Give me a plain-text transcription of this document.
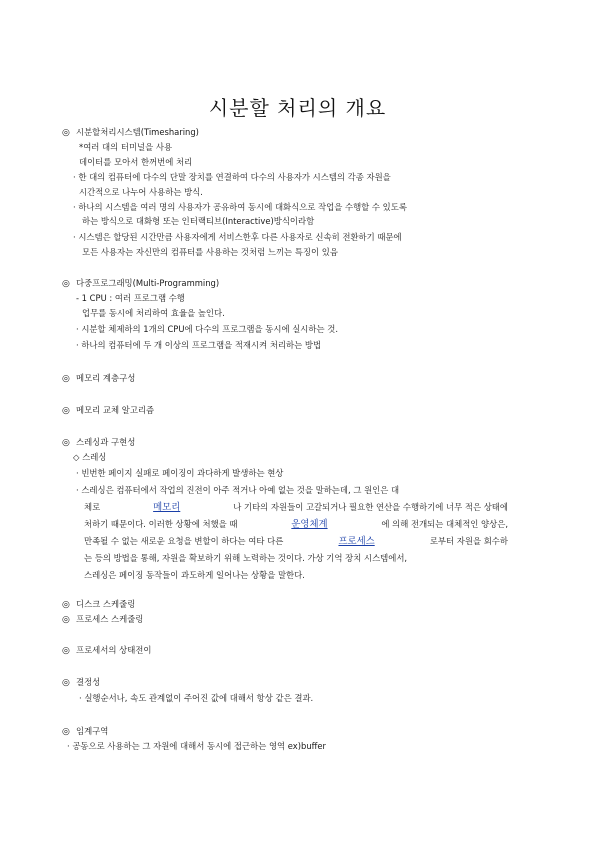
시분할 처리의 개요
◎ 시분할처리시스템(Timesharing)
*여러 대의 터미널을 사용
데이터를 모아서 한꺼번에 처리
· 한 대의 컴퓨터에 다수의 단말 장치를 연결하여 다수의 사용자가 시스템의 각종 자원을
시간적으로 나누어 사용하는 방식.
· 하나의 시스템을 여러 명의 사용자가 공유하여 동시에 대화식으로 작업을 수행할 수 있도록
하는 방식으로 대화형 또는 인터랙티브(Interactive)방식이라함
· 시스템은 할당된 시간만큼 사용자에게 서비스한후 다른 사용자로 신속히 전환하기 때문에
모든 사용자는 자신만의 컴퓨터를 사용하는 것처럼 느끼는 특징이 있음
◎ 다중프로그래밍(Multi-Programming)
- 1 CPU : 여러 프로그램 수행
업무를 동시에 처리하여 효율을 높인다.
· 시분할 체제하의 1개의 CPU에 다수의 프로그램을 동시에 실시하는 것.
· 하나의 컴퓨터에 두 개 이상의 프로그램을 적재시켜 처리하는 방법
◎ 메모리 계층구성
◎ 메모리 교체 알고리즘
◎ 스레싱과 구현성
◇ 스레싱
· 빈번한 페이지 실패로 페이징이 과다하게 발생하는 현상
· 스레싱은 컴퓨터에서 작업의 진전이 아주 적거나 아예 없는 것을 말하는데, 그 원인은 대
체로	메모리	나 기타의 자원들이 고갈되거나 필요한 연산을 수행하기에 너무 적은 상태에
처하기 때문이다. 이러한 상황에 처했을 때	운영체계	에 의해 전개되는 대체적인 양상은,
만족될 수 없는 새로운 요청을 변할이 하다는 여타 다른	프로세스	로부터 자원을 회수하
는 등의 방법을 통해, 자원을 확보하기 위해 노력하는 것이다. 가상 기억 장치 시스템에서,
스레싱은 페이징 동작들이 과도하게 일어나는 상황을 말한다.
◎ 디스크 스케줄링
◎ 프로세스 스케줄링
◎ 프로세서의 상태전이
◎ 결정성
· 실행순서나, 속도 관계없이 주어진 값에 대해서 항상 같은 결과.
◎ 임계구역
· 공동으로 사용하는 그 자원에 대해서 동시에 접근하는 영역 ex)buffer
